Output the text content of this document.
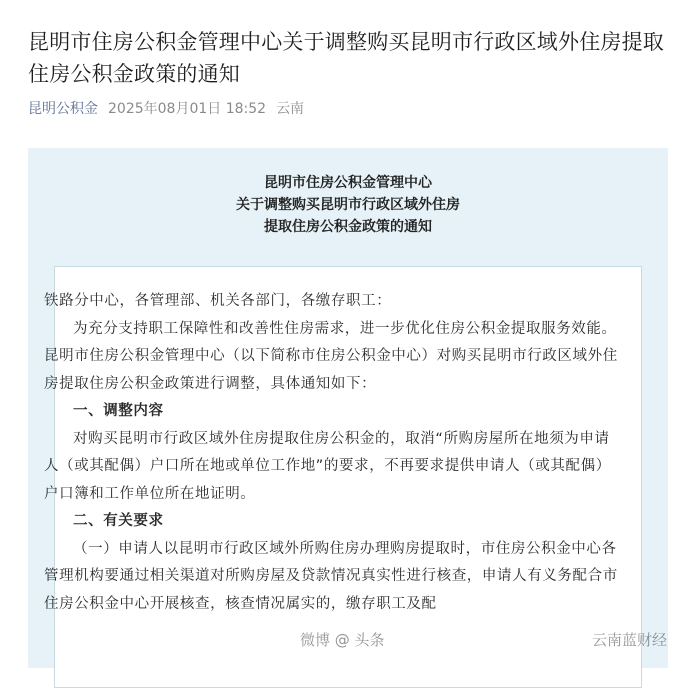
昆明市住房公积金管理中心关于调整购买昆明市行政区域外住房提取住房公积金政策的通知
昆明公积金 2025年08月01日 18:52 云南
昆明市住房公积金管理中心
关于调整购买昆明市行政区域外住房
提取住房公积金政策的通知

铁路分中心，各管理部、机关各部门，各缴存职工：

为充分支持职工保障性和改善性住房需求，进一步优化住房公积金提取服务效能。昆明市住房公积金管理中心（以下简称市住房公积金中心）对购买昆明市行政区域外住房提取住房公积金政策进行调整，具体通知如下：

一、调整内容

对购买昆明市行政区域外住房提取住房公积金的，取消“所购房屋所在地须为申请人（或其配偶）户口所在地或单位工作地”的要求，不再要求提供申请人（或其配偶）户口簿和工作单位所在地证明。

二、有关要求

（一）申请人以昆明市行政区域外所购住房办理购房提取时，市住房公积金中心各管理机构要通过相关渠道对所购房屋及贷款情况真实性进行核查，申请人有义务配合市住房公积金中心开展核查，核查情况属实的，缴存职工及配

微博 @ 头条	云南蓝财经
